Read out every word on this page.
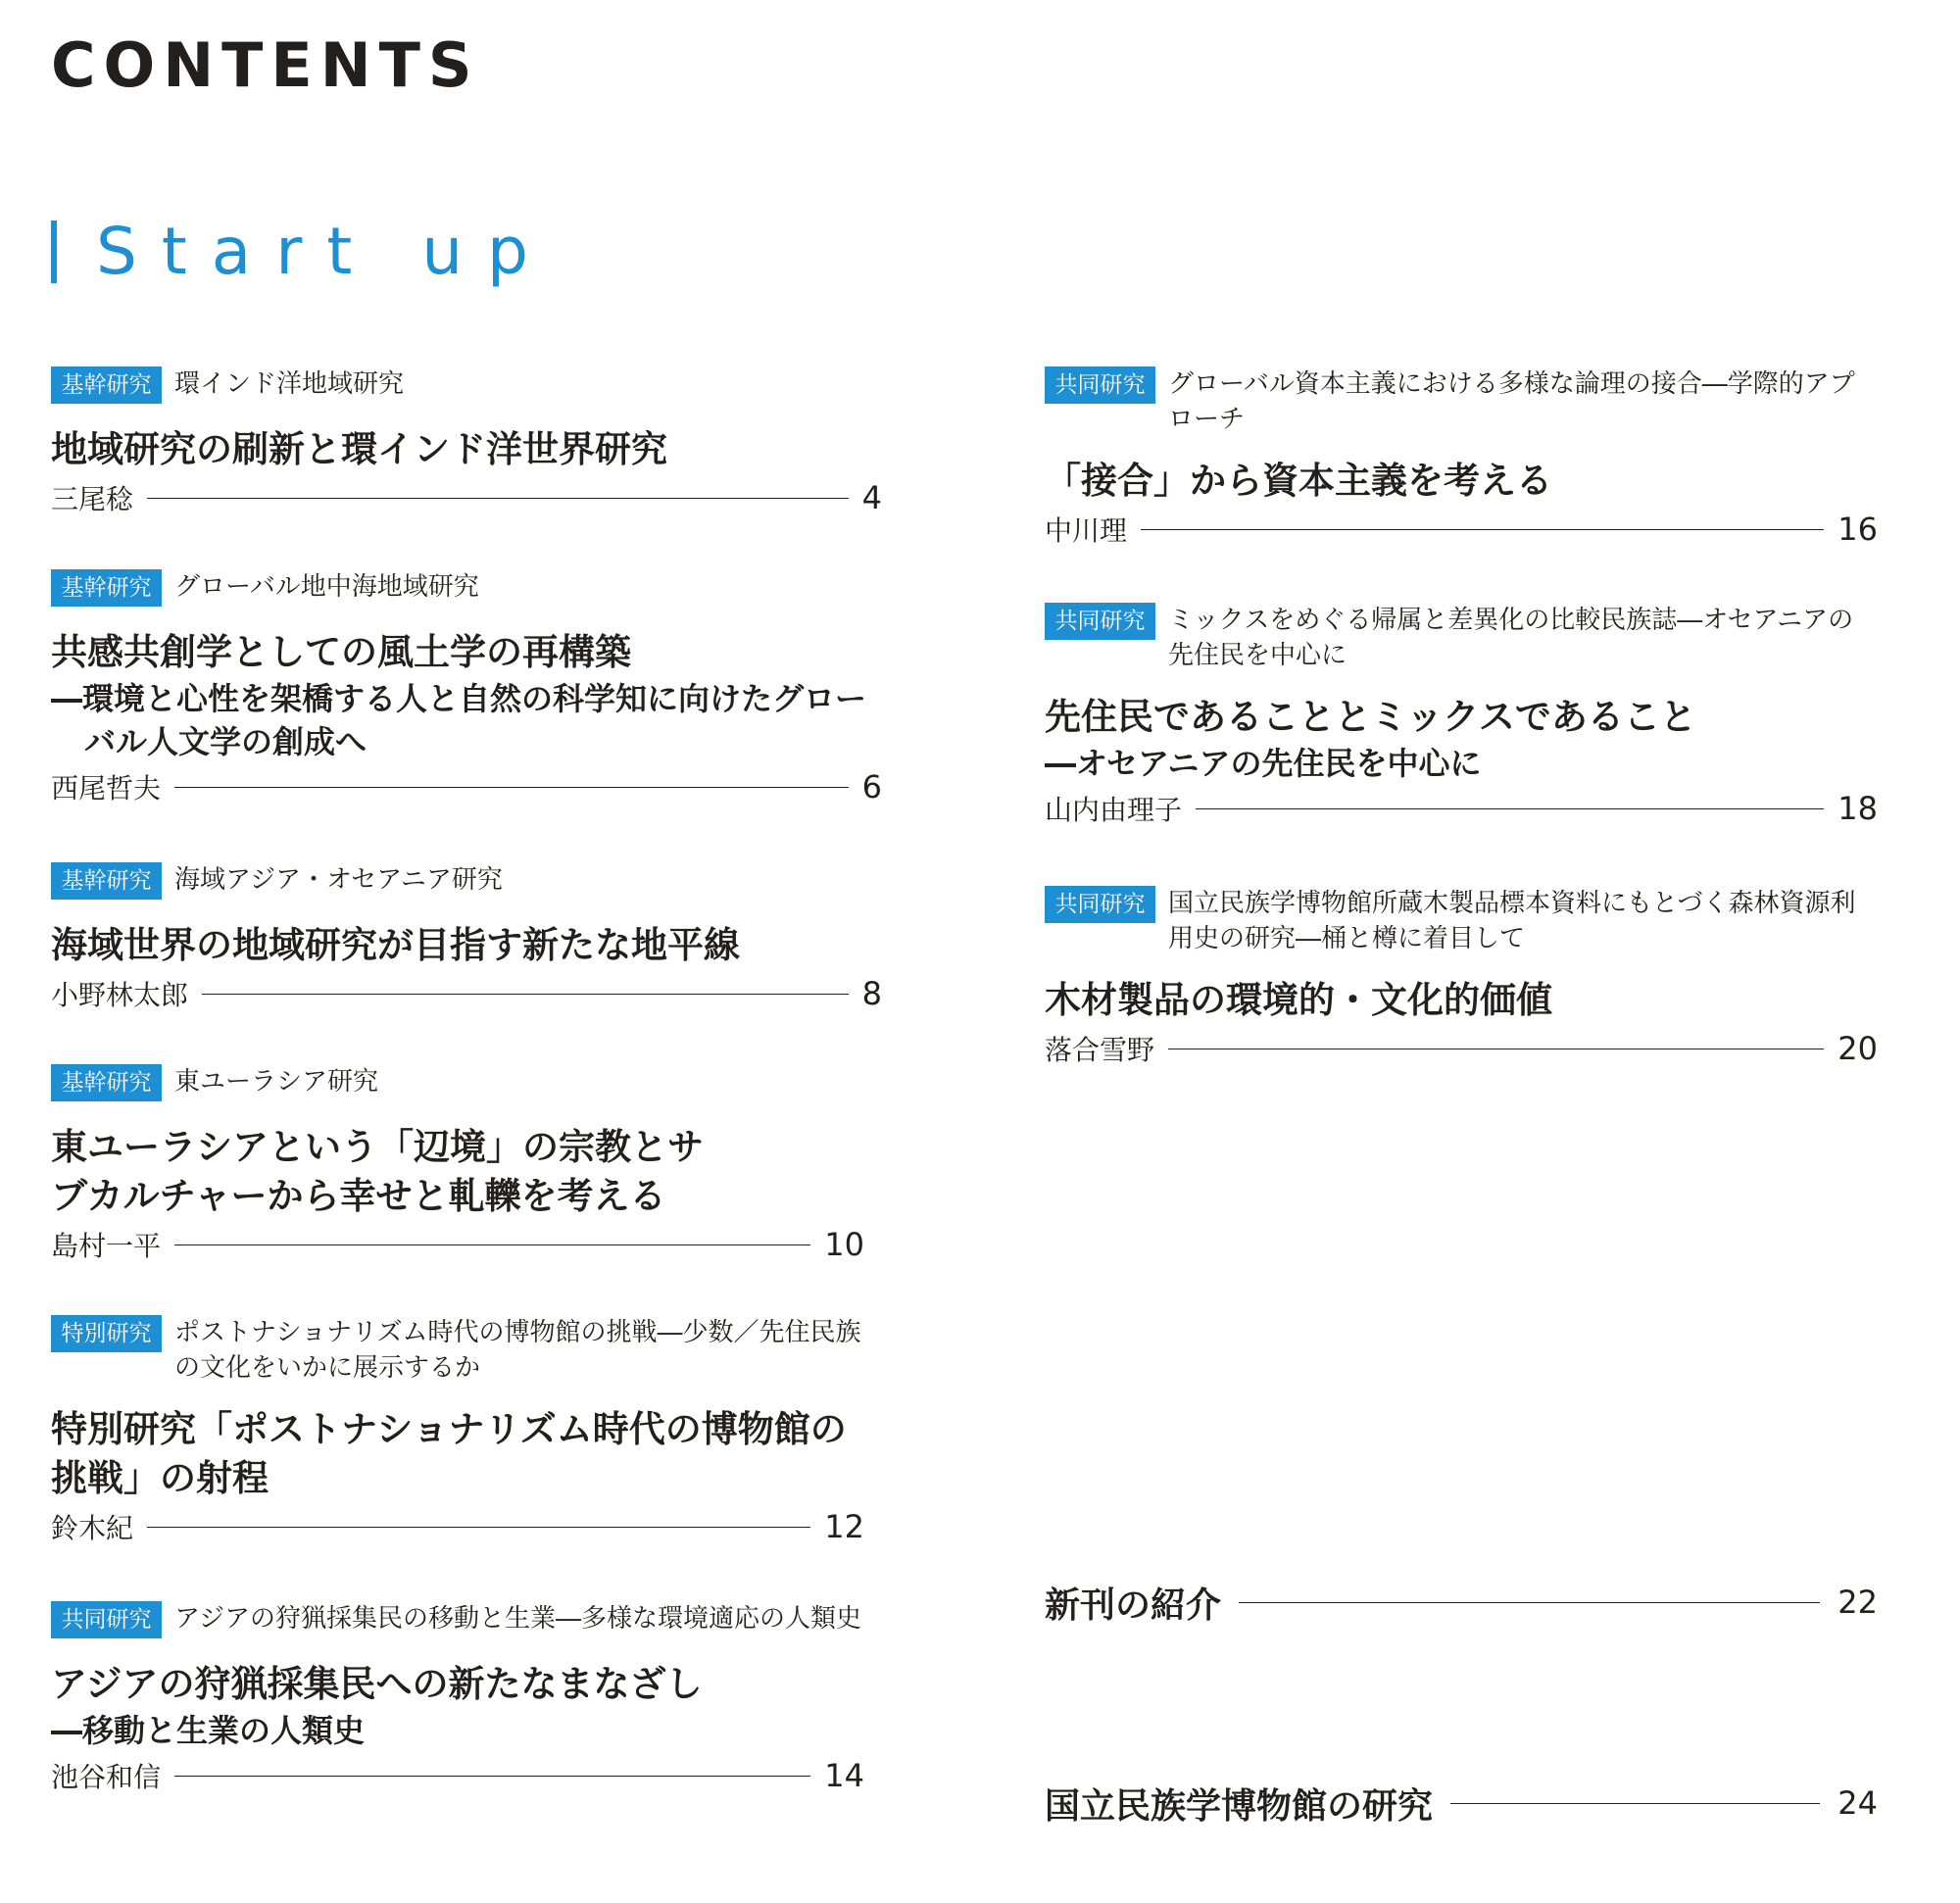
CONTENTS
Start up
基幹研究 環インド洋地域研究
地域研究の刷新と環インド洋世界研究
三尾稔	4
基幹研究 グローバル地中海地域研究
共感共創学としての風土学の再構築
―環境と心性を架橋する人と自然の科学知に向けたグローバル人文学の創成へ
西尾哲夫	6
基幹研究 海域アジア・オセアニア研究
海域世界の地域研究が目指す新たな地平線
小野林太郎	8
基幹研究 東ユーラシア研究
東ユーラシアという「辺境」の宗教とサブカルチャーから幸せと軋轢を考える
島村一平	10
特別研究 ポストナショナリズム時代の博物館の挑戦―少数／先住民族の文化をいかに展示するか
特別研究「ポストナショナリズム時代の博物館の挑戦」の射程
鈴木紀	12
共同研究 アジアの狩猟採集民の移動と生業―多様な環境適応の人類史
アジアの狩猟採集民への新たなまなざし
―移動と生業の人類史
池谷和信	14
共同研究 グローバル資本主義における多様な論理の接合―学際的アプローチ
「接合」から資本主義を考える
中川理	16
共同研究 ミックスをめぐる帰属と差異化の比較民族誌―オセアニアの先住民を中心に
先住民であることとミックスであること
―オセアニアの先住民を中心に
山内由理子	18
共同研究 国立民族学博物館所蔵木製品標本資料にもとづく森林資源利用史の研究―桶と樽に着目して
木材製品の環境的・文化的価値
落合雪野	20
新刊の紹介	22
国立民族学博物館の研究	24
